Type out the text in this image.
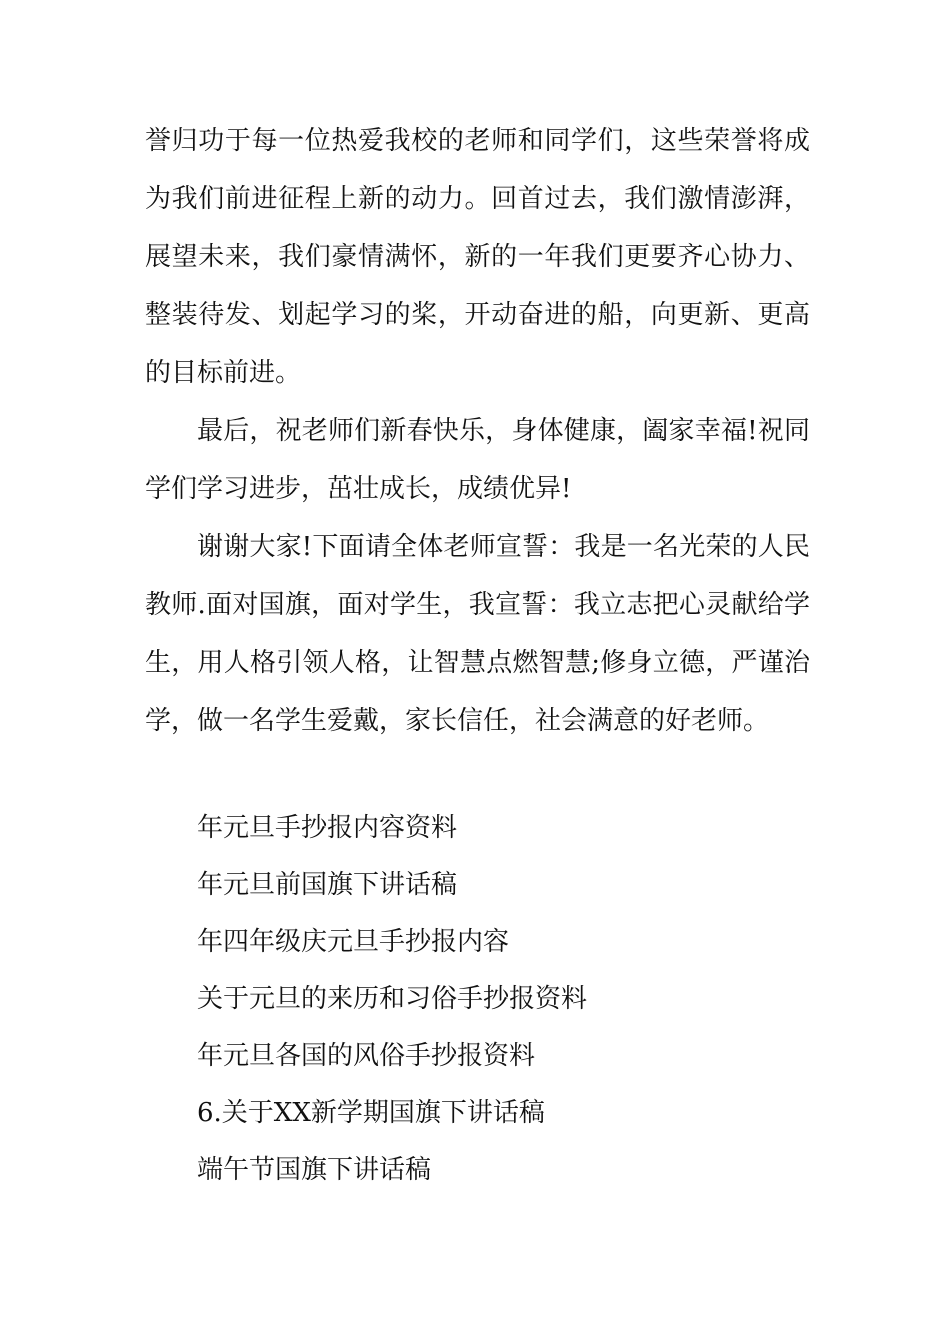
誉归功于每一位热爱我校的老师和同学们，这些荣誉将成
为我们前进征程上新的动力。回首过去，我们激情澎湃，
展望未来，我们豪情满怀，新的一年我们更要齐心协力、
整装待发、划起学习的桨，开动奋进的船，向更新、更高
的目标前进。
最后，祝老师们新春快乐，身体健康，阖家幸福!祝同
学们学习进步，茁壮成长，成绩优异!
谢谢大家!下面请全体老师宣誓：我是一名光荣的人民
教师.面对国旗，面对学生，我宣誓：我立志把心灵献给学
生，用人格引领人格，让智慧点燃智慧;修身立德，严谨治
学，做一名学生爱戴，家长信任，社会满意的好老师。
年元旦手抄报内容资料
年元旦前国旗下讲话稿
年四年级庆元旦手抄报内容
关于元旦的来历和习俗手抄报资料
年元旦各国的风俗手抄报资料
6.关于XX新学期国旗下讲话稿
端午节国旗下讲话稿
